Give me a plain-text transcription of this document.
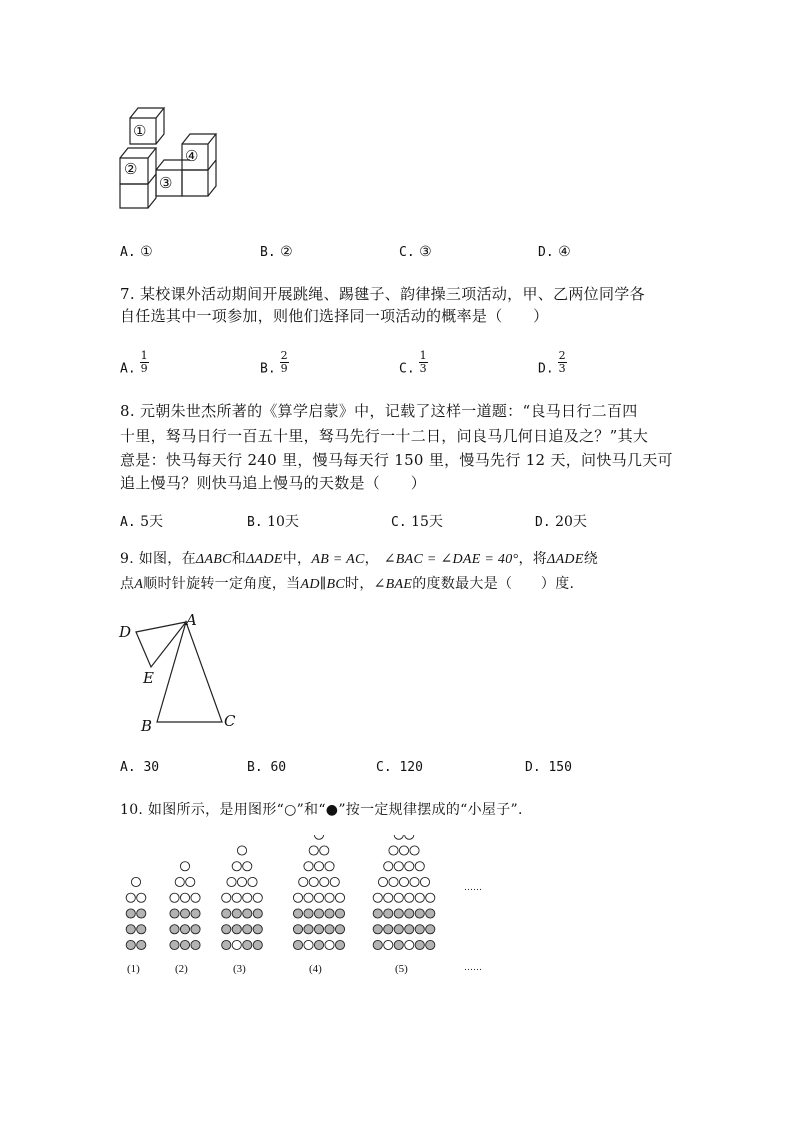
①
②
③
④
A. ①	B. ②	C. ③	D. ④
7. 某校课外活动期间开展跳绳、踢毽子、韵律操三项活动，甲、乙两位同学各
自任选其中一项参加，则他们选择同一项活动的概率是（　　）
A. $\frac{1}{9}$	B. $\frac{2}{9}$	C. $\frac{1}{3}$	D. $\frac{2}{3}$
8. 元朝朱世杰所著的《算学启蒙》中，记载了这样一道题：“良马日行二百四
十里，驽马日行一百五十里，驽马先行一十二日，问良马几何日追及之？”其大
意是：快马每天行 240 里，慢马每天行 150 里，慢马先行 12 天，问快马几天可
追上慢马？则快马追上慢马的天数是（　　）
A. 5天	B. 10天	C. 15天	D. 20天
9. 如图，在ΔABC和ΔADE中，AB = AC， ∠BAC = ∠DAE = 40°，将ΔADE绕
点A顺时针旋转一定角度，当AD∥BC时，∠BAE的度数最大是（　　）度.
A
D
E
B	C
A. 30	B. 60	C. 120	D. 150
10. 如图所示，是用图形“○”和“●”按一定规律摆成的“小屋子”.
(1)	(2)	(3)	(4)	(5)
……
……
